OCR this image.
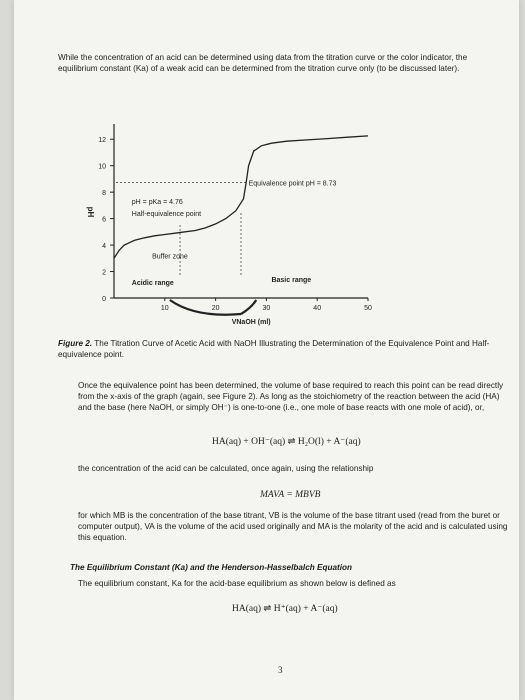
While the concentration of an acid can be determined using data from the titration curve or the color indicator, the equilibrium constant (Ka) of a weak acid can be determined from the titration curve only (to be discussed later).
0
2
4
6
8
10
12
10	20	30	40	50
pH
VNaOH (ml)
Equivalence point pH = 8.73
pH = pKa = 4.76
Half-equivalence point
Buffer zone
Acidic range	Basic range
Figure 2. The Titration Curve of Acetic Acid with NaOH Illustrating the Determination of the Equivalence Point and Half-equivalence point.
Once the equivalence point has been determined, the volume of base required to reach this point can be read directly from the x-axis of the graph (again, see Figure 2). As long as the stoichiometry of the reaction between the acid (HA) and the base (here NaOH, or simply OH⁻) is one-to-one (i.e., one mole of base reacts with one mole of acid), or,
HA(aq) + OH⁻(aq) ⇌ H₂O(l) + A⁻(aq)
the concentration of the acid can be calculated, once again, using the relationship
MAVA = MBVB
for which MB is the concentration of the base titrant, VB is the volume of the base titrant used (read from the buret or computer output), VA is the volume of the acid used originally and MA is the molarity of the acid and is calculated using this equation.
The Equilibrium Constant (Ka) and the Henderson-Hasselbalch Equation
The equilibrium constant, Ka for the acid-base equilibrium as shown below is defined as
HA(aq) ⇌ H⁺(aq) + A⁻(aq)
3
